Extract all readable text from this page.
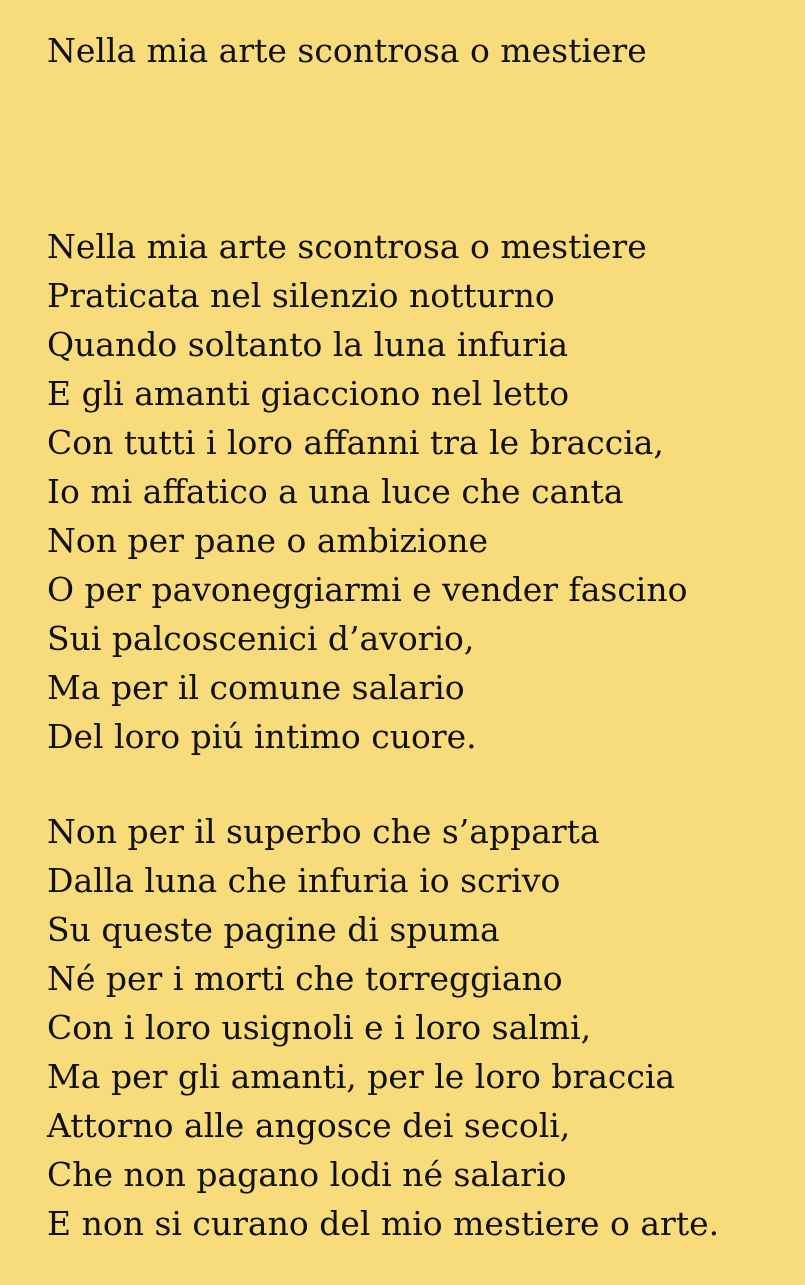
Nella mia arte scontrosa o mestiere
Nella mia arte scontrosa o mestiere
Praticata nel silenzio notturno
Quando soltanto la luna infuria
E gli amanti giacciono nel letto
Con tutti i loro affanni tra le braccia,
Io mi affatico a una luce che canta
Non per pane o ambizione
O per pavoneggiarmi e vender fascino
Sui palcoscenici d’avorio,
Ma per il comune salario
Del loro piú intimo cuore.
Non per il superbo che s’apparta
Dalla luna che infuria io scrivo
Su queste pagine di spuma
Né per i morti che torreggiano
Con i loro usignoli e i loro salmi,
Ma per gli amanti, per le loro braccia
Attorno alle angosce dei secoli,
Che non pagano lodi né salario
E non si curano del mio mestiere o arte.
